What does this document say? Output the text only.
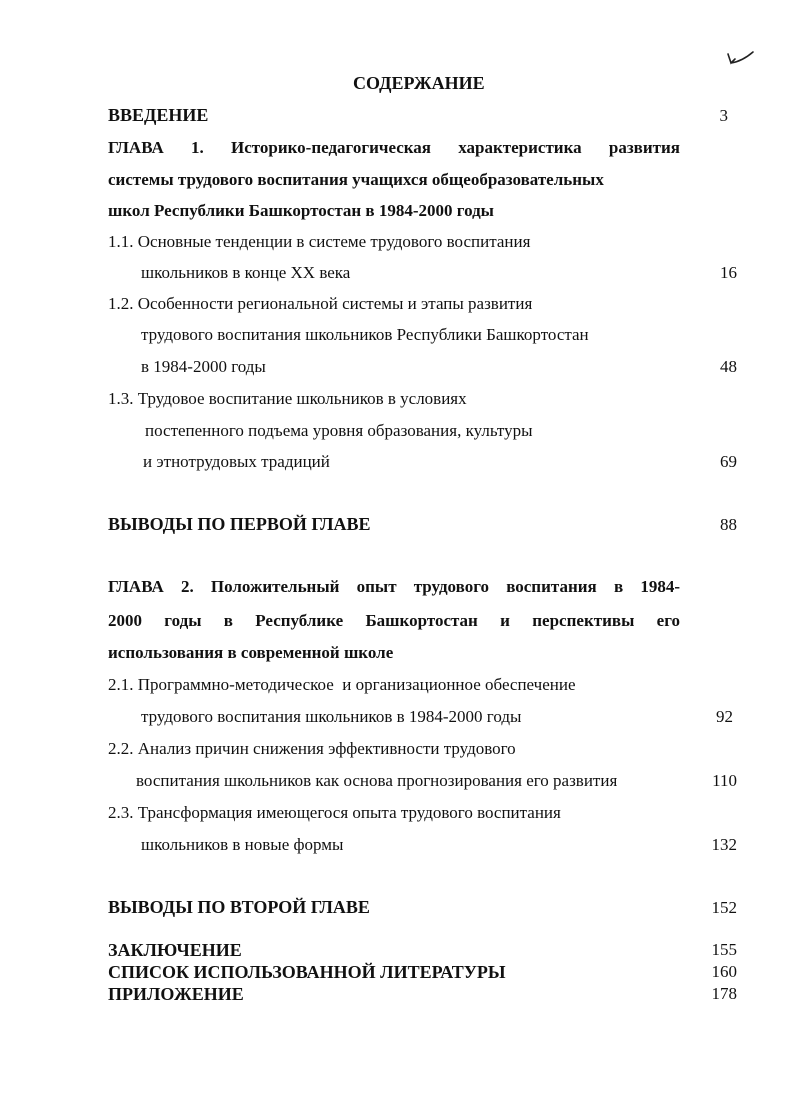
СОДЕРЖАНИЕ
ВВЕДЕНИЕ	3
ГЛАВА 1. Историко-педагогическая характеристика развития
системы трудового воспитания учащихся общеобразовательных
школ Республики Башкортостан в 1984-2000 годы
1.1. Основные тенденции в системе трудового воспитания
школьников в конце XX века	16
1.2. Особенности региональной системы и этапы развития
трудового воспитания школьников Республики Башкортостан
в 1984-2000 годы	48
1.3. Трудовое воспитание школьников в условиях
постепенного подъема уровня образования, культуры
и этнотрудовых традиций	69
ВЫВОДЫ ПО ПЕРВОЙ ГЛАВЕ	88
ГЛАВА 2. Положительный опыт трудового воспитания в 1984-
2000 годы в Республике Башкортостан и перспективы его
использования в современной школе
2.1. Программно-методическое  и организационное обеспечение
трудового воспитания школьников в 1984-2000 годы	92
2.2. Анализ причин снижения эффективности трудового
воспитания школьников как основа прогнозирования его развития	110
2.3. Трансформация имеющегося опыта трудового воспитания
школьников в новые формы	132
ВЫВОДЫ ПО ВТОРОЙ ГЛАВЕ	152
ЗАКЛЮЧЕНИЕ	155
СПИСОК ИСПОЛЬЗОВАННОЙ ЛИТЕРАТУРЫ	160
ПРИЛОЖЕНИЕ	178
